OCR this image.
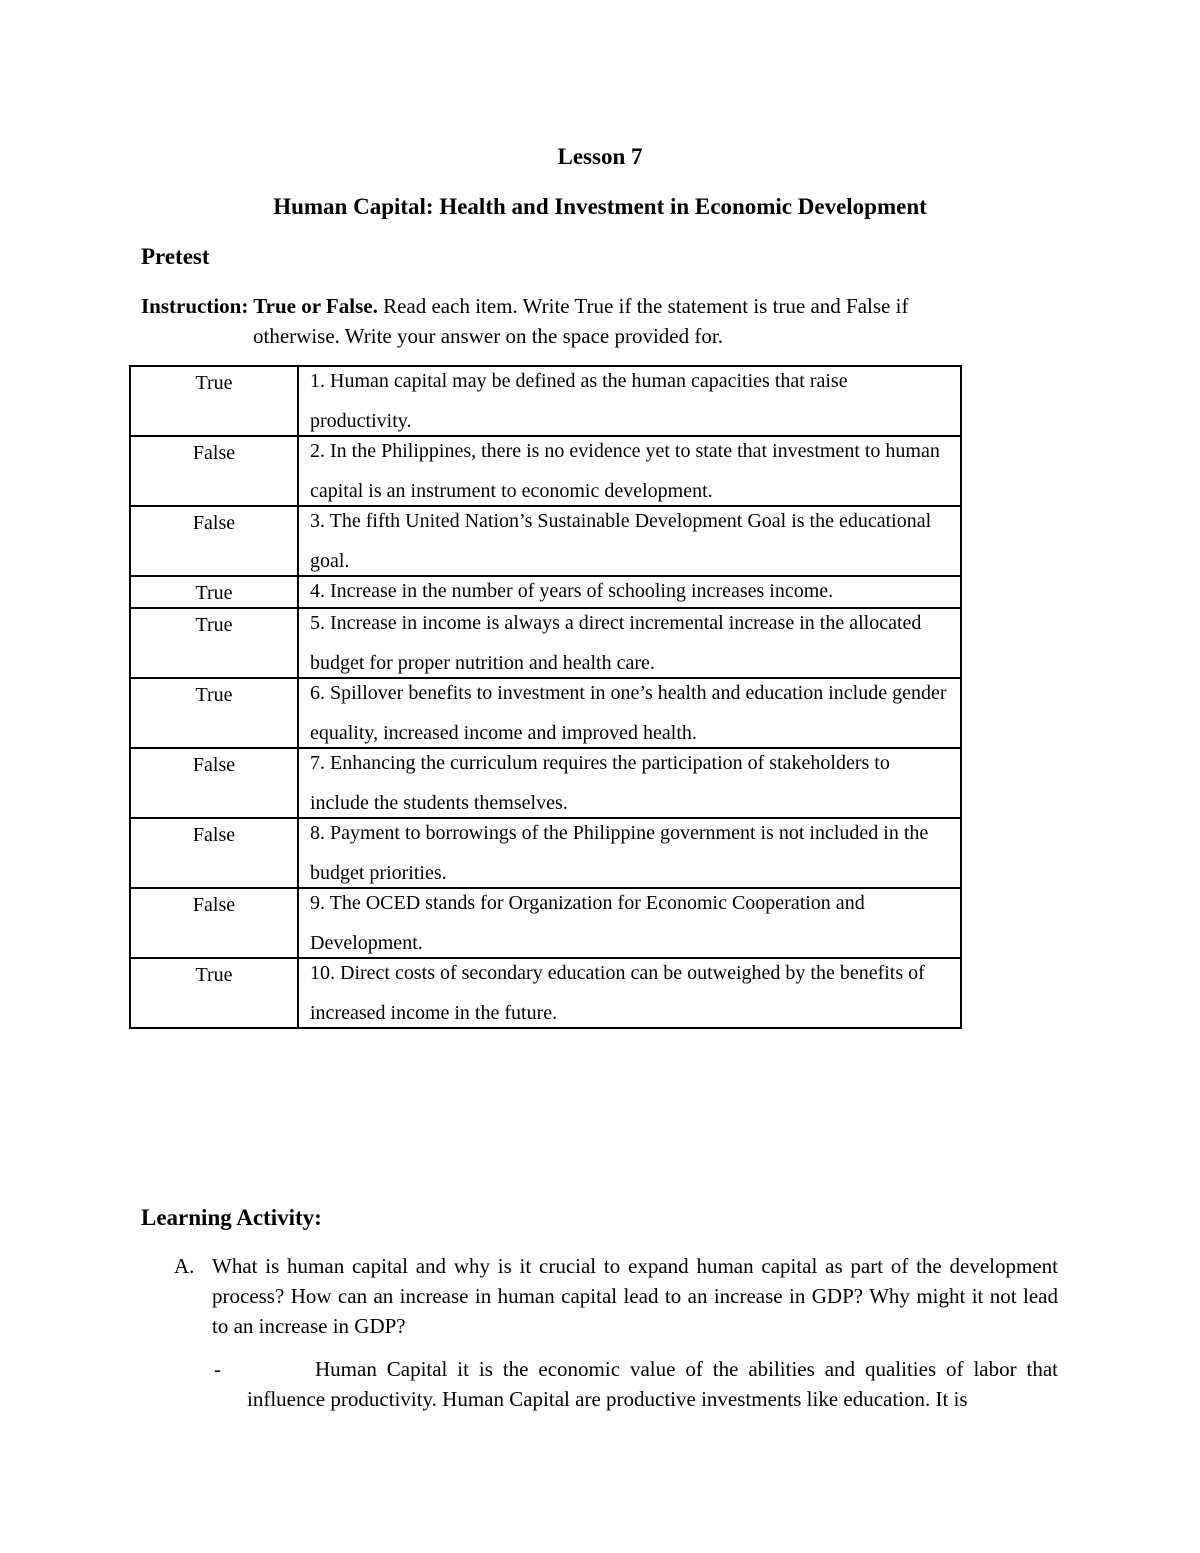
Lesson 7
Human Capital: Health and Investment in Economic Development
Pretest
Instruction: True or False. Read each item. Write True if the statement is true and False if
otherwise. Write your answer on the space provided for.
True	1. Human capital may be defined as the human capacities that raise productivity.

False	2. In the Philippines, there is no evidence yet to state that investment to human capital is an instrument to economic development.

False	3. The fifth United Nation’s Sustainable Development Goal is the educational goal.

True	4. Increase in the number of years of schooling increases income.

True	5. Increase in income is always a direct incremental increase in the allocated budget for proper nutrition and health care.

True	6. Spillover benefits to investment in one’s health and education include gender equality, increased income and improved health.

False	7. Enhancing the curriculum requires the participation of stakeholders to include the students themselves.

False	8. Payment to borrowings of the Philippine government is not included in the budget priorities.

False	9. The OCED stands for Organization for Economic Cooperation and Development.

True	10. Direct costs of secondary education can be outweighed by the benefits of increased income in the future.
Learning Activity:
A. What is human capital and why is it crucial to expand human capital as part of the development process? How can an increase in human capital lead to an increase in GDP? Why might it not lead to an increase in GDP?
-	Human Capital it is the economic value of the abilities and qualities of labor that influence productivity. Human Capital are productive investments like education. It is
